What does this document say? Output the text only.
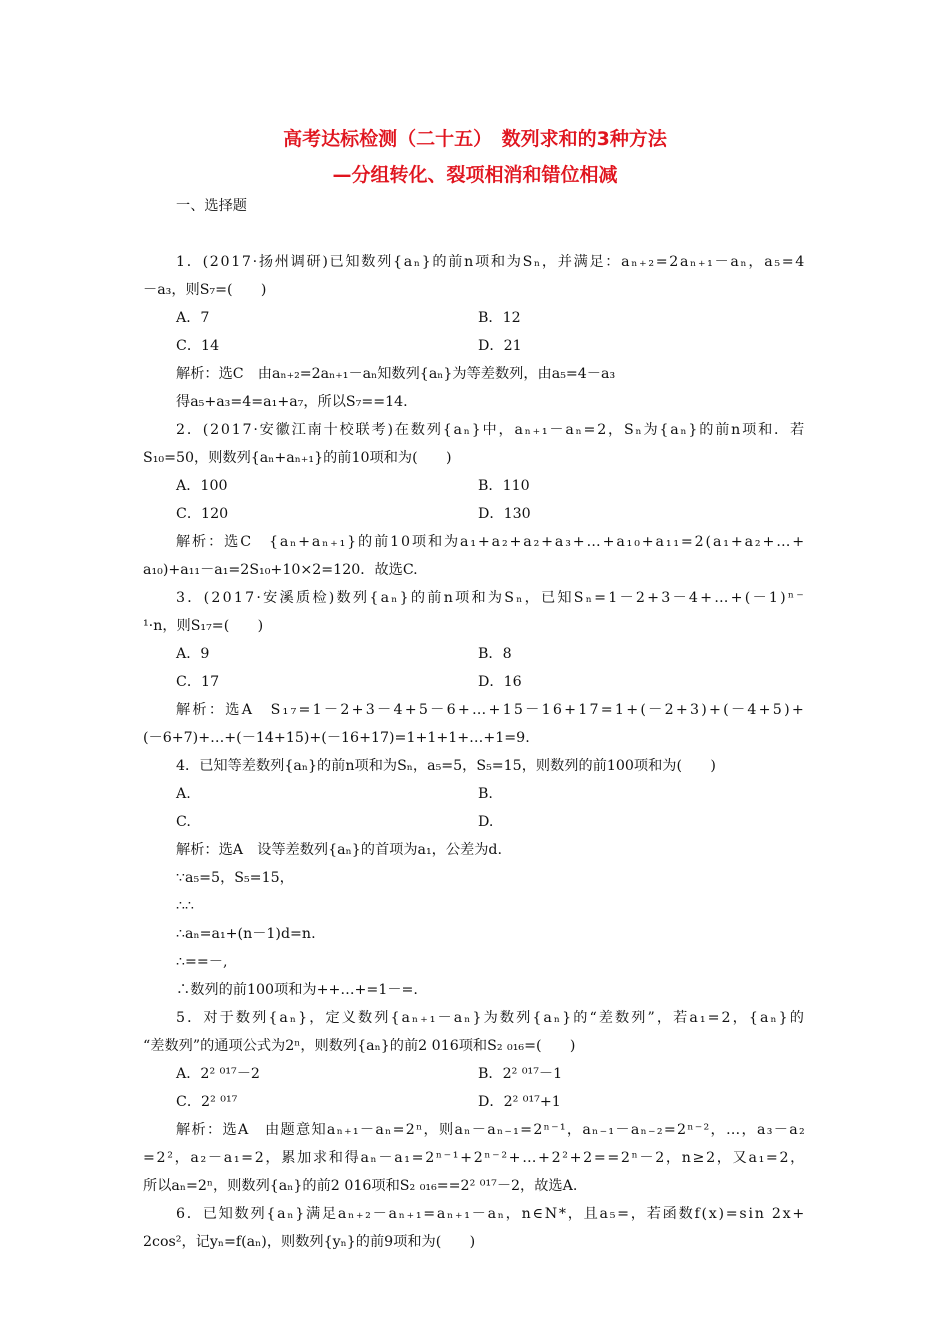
高考达标检测（二十五）　数列求和的3种方法
—分组转化、裂项相消和错位相减
一、选择题
1．(2017·扬州调研)已知数列{aₙ}的前n项和为Sₙ，并满足：aₙ₊₂=2aₙ₊₁－aₙ，a₅=4
－a₃，则S₇=(　　)
A．7	B．12
C．14	D．21
解析：选C　由aₙ₊₂=2aₙ₊₁－aₙ知数列{aₙ}为等差数列，由a₅=4－a₃
得a₅+a₃=4=a₁+a₇，所以S₇==14.
2．(2017·安徽江南十校联考)在数列{aₙ}中，aₙ₊₁－aₙ=2，Sₙ为{aₙ}的前n项和．若
S₁₀=50，则数列{aₙ+aₙ₊₁}的前10项和为(　　)
A．100	B．110
C．120	D．130
解析：选C　{aₙ+aₙ₊₁}的前10项和为a₁+a₂+a₂+a₃+…+a₁₀+a₁₁=2(a₁+a₂+…+
a₁₀)+a₁₁－a₁=2S₁₀+10×2=120．故选C.
3．(2017·安溪质检)数列{aₙ}的前n项和为Sₙ，已知Sₙ=1－2+3－4+…+(－1)ⁿ⁻
¹·n，则S₁₇=(　　)
A．9	B．8
C．17	D．16
解析：选A　S₁₇=1－2+3－4+5－6+…+15－16+17=1+(－2+3)+(－4+5)+
(－6+7)+…+(－14+15)+(－16+17)=1+1+1+…+1=9.
4．已知等差数列{aₙ}的前n项和为Sₙ，a₅=5，S₅=15，则数列的前100项和为(　　)
A.	B.
C.	D.
解析：选A　设等差数列{aₙ}的首项为a₁，公差为d.
∵a₅=5，S₅=15，
∴∴
∴aₙ=a₁+(n－1)d=n.
∴==－,
∴数列的前100项和为++…+=1－=.
5．对于数列{aₙ}，定义数列{aₙ₊₁－aₙ}为数列{aₙ}的“差数列”，若a₁=2，{aₙ}的
“差数列”的通项公式为2ⁿ，则数列{aₙ}的前2 016项和S₂ ₀₁₆=(　　)
A．2² ⁰¹⁷－2	B．2² ⁰¹⁷－1
C．2² ⁰¹⁷	D．2² ⁰¹⁷+1
解析：选A　由题意知aₙ₊₁－aₙ=2ⁿ，则aₙ－aₙ₋₁=2ⁿ⁻¹，aₙ₋₁－aₙ₋₂=2ⁿ⁻²，…，a₃－a₂
=2²，a₂－a₁=2，累加求和得aₙ－a₁=2ⁿ⁻¹+2ⁿ⁻²+…+2²+2==2ⁿ－2，n≥2，又a₁=2，
所以aₙ=2ⁿ，则数列{aₙ}的前2 016项和S₂ ₀₁₆==2² ⁰¹⁷－2，故选A.
6．已知数列{aₙ}满足aₙ₊₂－aₙ₊₁=aₙ₊₁－aₙ，n∈N*，且a₅=，若函数f(x)=sin 2x+
2cos²，记yₙ=f(aₙ)，则数列{yₙ}的前9项和为(　　)
